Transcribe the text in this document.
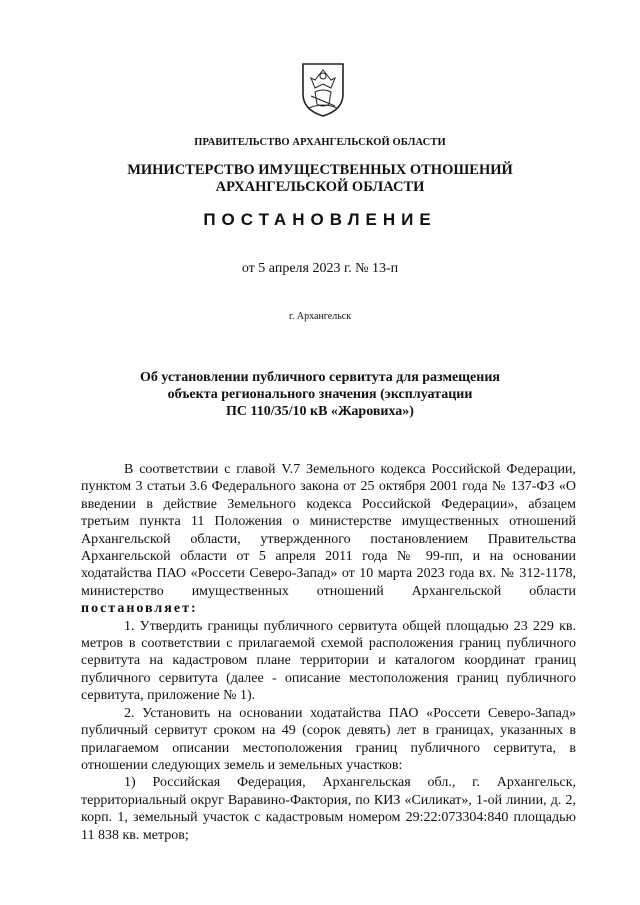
ПРАВИТЕЛЬСТВО АРХАНГЕЛЬСКОЙ ОБЛАСТИ
МИНИСТЕРСТВО ИМУЩЕСТВЕННЫХ ОТНОШЕНИЙ
АРХАНГЕЛЬСКОЙ ОБЛАСТИ
ПОСТАНОВЛЕНИЕ
от 5 апреля 2023 г. № 13-п
г. Архангельск
Об установлении публичного сервитута для размещения
объекта регионального значения (эксплуатации
ПС 110/35/10 кВ «Жаровиха»)

В соответствии с главой V.7 Земельного кодекса Российской Федерации, пунктом 3 статьи 3.6 Федерального закона от 25 октября 2001 года № 137-ФЗ «О введении в действие Земельного кодекса Российской Федерации», абзацем третьим пункта 11 Положения о министерстве имущественных отношений Архангельской области, утвержденного постановлением Правительства Архангельской области от 5 апреля 2011 года № 99-пп, и на основании ходатайства ПАО «Россети Северо-Запад» от 10 марта 2023 года вх. № 312-1178, министерство имущественных отношений Архангельской области постановляет:

1. Утвердить границы публичного сервитута общей площадью 23 229 кв. метров в соответствии с прилагаемой схемой расположения границ публичного сервитута на кадастровом плане территории и каталогом координат границ публичного сервитута (далее - описание местоположения границ публичного сервитута, приложение № 1).

2. Установить на основании ходатайства ПАО «Россети Северо-Запад» публичный сервитут сроком на 49 (сорок девять) лет в границах, указанных в прилагаемом описании местоположения границ публичного сервитута, в отношении следующих земель и земельных участков:

1) Российская Федерация, Архангельская обл., г. Архангельск, территориальный округ Варавино-Фактория, по КИЗ «Силикат», 1-ой линии, д. 2, корп. 1, земельный участок с кадастровым номером 29:22:073304:840 площадью 11 838 кв. метров;
